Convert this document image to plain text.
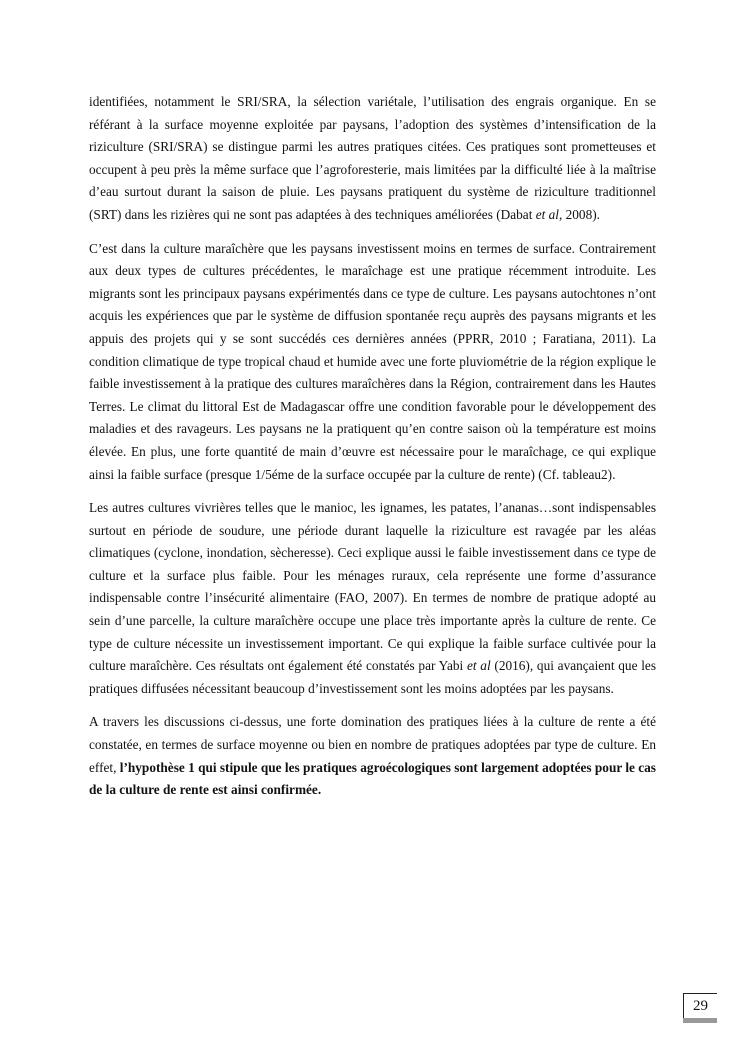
identifiées, notamment le SRI/SRA, la sélection variétale, l’utilisation des engrais organique. En se référant à la surface moyenne exploitée par paysans, l’adoption des systèmes d’intensification de la riziculture (SRI/SRA) se distingue parmi les autres pratiques citées. Ces pratiques sont prometteuses et occupent à peu près la même surface que l’agroforesterie, mais limitées par la difficulté liée à la maîtrise d’eau surtout durant la saison de pluie. Les paysans pratiquent du système de riziculture traditionnel (SRT) dans les rizières qui ne sont pas adaptées à des techniques améliorées (Dabat et al, 2008).

C’est dans la culture maraîchère que les paysans investissent moins en termes de surface. Contrairement aux deux types de cultures précédentes, le maraîchage est une pratique récemment introduite. Les migrants sont les principaux paysans expérimentés dans ce type de culture. Les paysans autochtones n’ont acquis les expériences que par le système de diffusion spontanée reçu auprès des paysans migrants et les appuis des projets qui y se sont succédés ces dernières années (PPRR, 2010 ; Faratiana, 2011). La condition climatique de type tropical chaud et humide avec une forte pluviométrie de la région explique le faible investissement à la pratique des cultures maraîchères dans la Région, contrairement dans les Hautes Terres. Le climat du littoral Est de Madagascar offre une condition favorable pour le développement des maladies et des ravageurs. Les paysans ne la pratiquent qu’en contre saison où la température est moins élevée. En plus, une forte quantité de main d’œuvre est nécessaire pour le maraîchage, ce qui explique ainsi la faible surface (presque 1/5éme de la surface occupée par la culture de rente) (Cf. tableau2).

Les autres cultures vivrières telles que le manioc, les ignames, les patates, l’ananas…sont indispensables surtout en période de soudure, une période durant laquelle la riziculture est ravagée par les aléas climatiques (cyclone, inondation, sècheresse). Ceci explique aussi le faible investissement dans ce type de culture et la surface plus faible. Pour les ménages ruraux, cela représente une forme d’assurance indispensable contre l’insécurité alimentaire (FAO, 2007). En termes de nombre de pratique adopté au sein d’une parcelle, la culture maraîchère occupe une place très importante après la culture de rente. Ce type de culture nécessite un investissement important. Ce qui explique la faible surface cultivée pour la culture maraîchère. Ces résultats ont également été constatés par Yabi et al (2016), qui avançaient que les pratiques diffusées nécessitant beaucoup d’investissement sont les moins adoptées par les paysans.

A travers les discussions ci-dessus, une forte domination des pratiques liées à la culture de rente a été constatée, en termes de surface moyenne ou bien en nombre de pratiques adoptées par type de culture. En effet, l’hypothèse 1 qui stipule que les pratiques agroécologiques sont largement adoptées pour le cas de la culture de rente est ainsi confirmée.

29
